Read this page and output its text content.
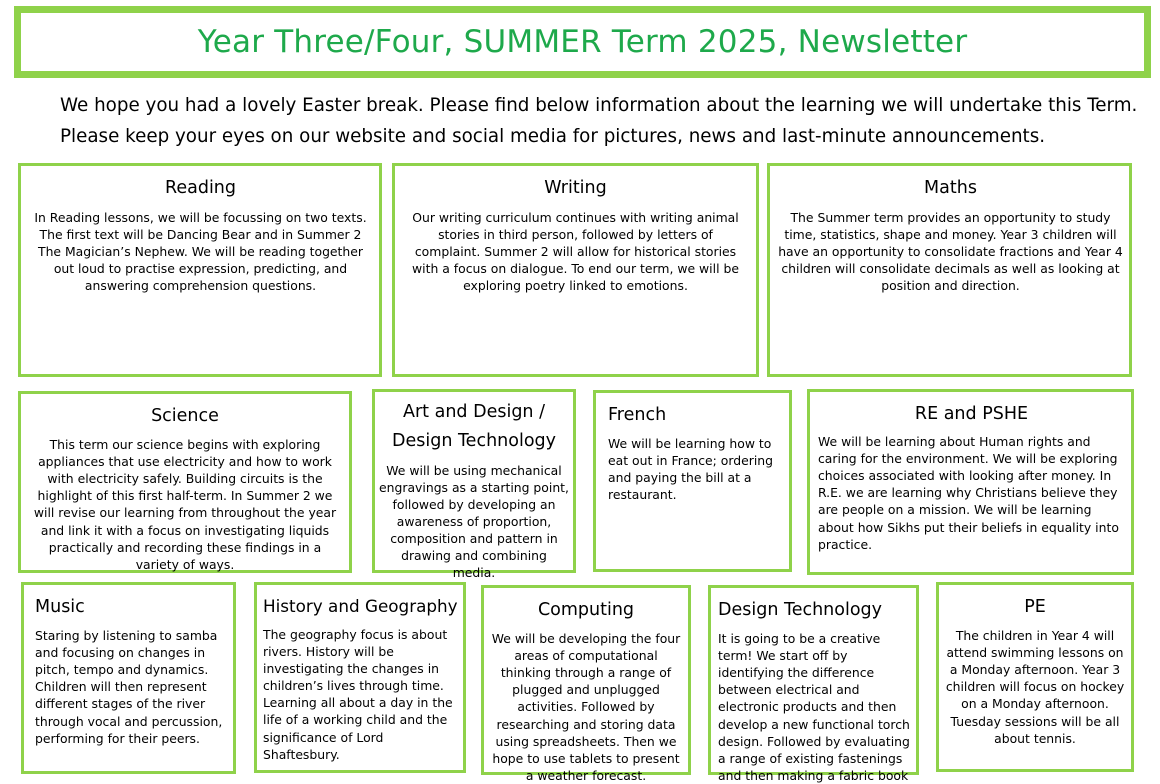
Year Three/Four, SUMMER Term 2025, Newsletter
We hope you had a lovely Easter break. Please find below information about the learning we will undertake this Term.
Please keep your eyes on our website and social media for pictures, news and last-minute announcements.
Reading

In Reading lessons, we will be focussing on two texts. The first text will be Dancing Bear and in Summer 2 The Magician’s Nephew. We will be reading together out loud to practise expression, predicting, and answering comprehension questions.

Writing

Our writing curriculum continues with writing animal stories in third person, followed by letters of complaint. Summer 2 will allow for historical stories with a focus on dialogue. To end our term, we will be exploring poetry linked to emotions.

Maths

The Summer term provides an opportunity to study time, statistics, shape and money. Year 3 children will have an opportunity to consolidate fractions and Year 4 children will consolidate decimals as well as looking at position and direction.

Science

This term our science begins with exploring appliances that use electricity and how to work with electricity safely. Building circuits is the highlight of this first half-term. In Summer 2 we will revise our learning from throughout the year and link it with a focus on investigating liquids practically and recording these findings in a variety of ways.

Art and Design /
Design Technology

We will be using mechanical engravings as a starting point, followed by developing an awareness of proportion, composition and pattern in drawing and combining media.

French

We will be learning how to eat out in France; ordering and paying the bill at a restaurant.

RE and PSHE

We will be learning about Human rights and caring for the environment. We will be exploring choices associated with looking after money. In R.E. we are learning why Christians believe they are people on a mission. We will be learning about how Sikhs put their beliefs in equality into practice.

Music

Staring by listening to samba and focusing on changes in pitch, tempo and dynamics. Children will then represent different stages of the river through vocal and percussion, performing for their peers.

History and Geography

The geography focus is about rivers. History will be investigating the changes in children’s lives through time. Learning all about a day in the life of a working child and the significance of Lord Shaftesbury.

Computing

We will be developing the four areas of computational thinking through a range of plugged and unplugged activities. Followed by researching and storing data using spreadsheets. Then we hope to use tablets to present a weather forecast.

Design Technology

It is going to be a creative term! We start off by identifying the difference between electrical and electronic products and then develop a new functional torch design. Followed by evaluating a range of existing fastenings and then making a fabric book

PE

The children in Year 4 will attend swimming lessons on a Monday afternoon. Year 3 children will focus on hockey on a Monday afternoon. Tuesday sessions will be all about tennis.
